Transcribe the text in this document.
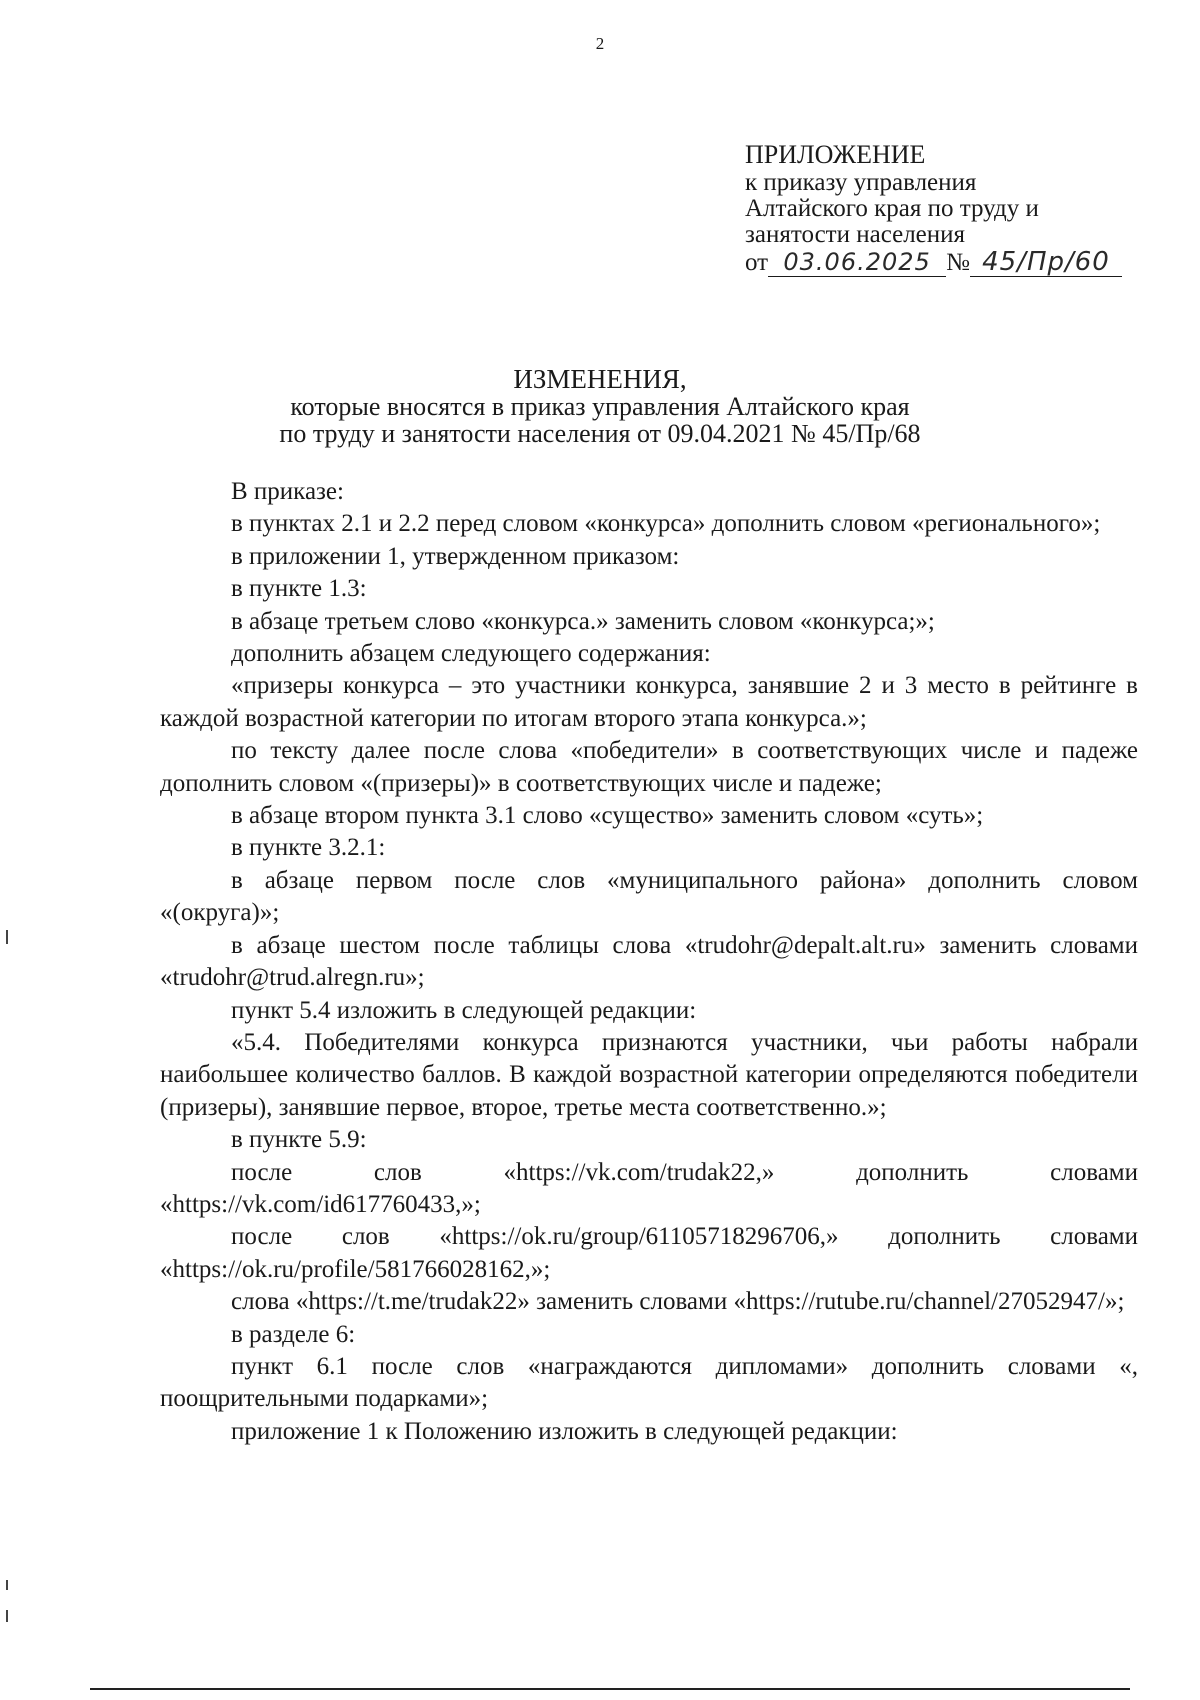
2
ПРИЛОЖЕНИЕ
к приказу управления
Алтайского края по труду и
занятости населения
от 03.06.2025 № 45/Пр/60
ИЗМЕНЕНИЯ,
которые вносятся в приказ управления Алтайского края
по труду и занятости населения от 09.04.2021 № 45/Пр/68

В приказе:

в пунктах 2.1 и 2.2 перед словом «конкурса» дополнить словом «регионального»;

в приложении 1, утвержденном приказом:

в пункте 1.3:

в абзаце третьем слово «конкурса.» заменить словом «конкурса;»;

дополнить абзацем следующего содержания:

«призеры конкурса – это участники конкурса, занявшие 2 и 3 место в рейтинге в каждой возрастной категории по итогам второго этапа конкурса.»;

по тексту далее после слова «победители» в соответствующих числе и падеже дополнить словом «(призеры)» в соответствующих числе и падеже;

в абзаце втором пункта 3.1 слово «существо» заменить словом «суть»;

в пункте 3.2.1:

в абзаце первом после слов «муниципального района» дополнить словом «(округа)»;

в абзаце шестом после таблицы слова «trudohr@depalt.alt.ru» заменить словами «trudohr@trud.alregn.ru»;

пункт 5.4 изложить в следующей редакции:

«5.4. Победителями конкурса признаются участники, чьи работы набрали наибольшее количество баллов. В каждой возрастной категории определяются победители (призеры), занявшие первое, второе, третье места соответственно.»;

в пункте 5.9:

после слов «https://vk.com/trudak22,» дополнить словами «https://vk.com/id617760433,»;

после слов «https://ok.ru/group/61105718296706,» дополнить словами «https://ok.ru/profile/581766028162,»;

слова «https://t.me/trudak22» заменить словами «https://rutube.ru/channel/27052947/»;

в разделе 6:

пункт 6.1 после слов «награждаются дипломами» дополнить словами «, поощрительными подарками»;

приложение 1 к Положению изложить в следующей редакции:
